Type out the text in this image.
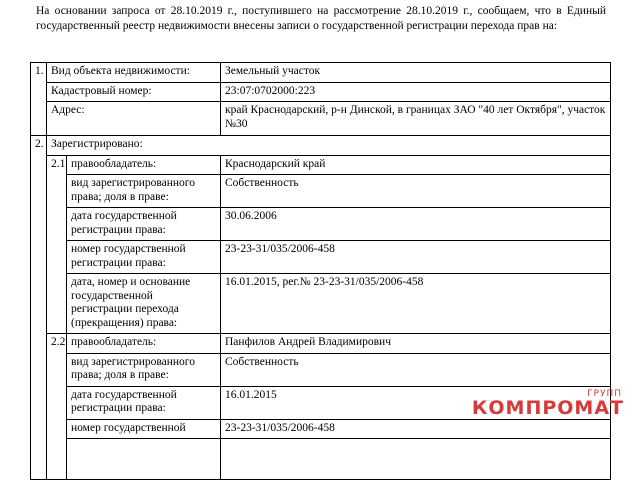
На основании запроса от 28.10.2019 г., поступившего на рассмотрение 28.10.2019 г., сообщаем, что в Единый государственный реестр недвижимости внесены записи о государственной регистрации перехода прав на:
1.	Вид объекта недвижимости:		Земельный участок
	Кадастровый номер:		23:07:0702000:223
	Адрес:		край Краснодарский, р-н Динской, в границах ЗАО "40 лет Октября", участок №30
2.	Зарегистрировано:		
	2.1	правообладатель:	Краснодарский край
		вид зарегистрированного права; доля в праве:	Собственность
		дата государственной регистрации права:	30.06.2006
		номер государственной регистрации права:	23-23-31/035/2006-458
		дата, номер и основание государственной регистрации перехода (прекращения) права:	16.01.2015, рег.№ 23-23-31/035/2006-458
	2.2	правообладатель:	Панфилов Андрей Владимирович
		вид зарегистрированного права; доля в праве:	Собственность
		дата государственной регистрации права:	16.01.2015
		номер государственной	23-23-31/035/2006-458

ГРУПП
КОМПРОМАТ
